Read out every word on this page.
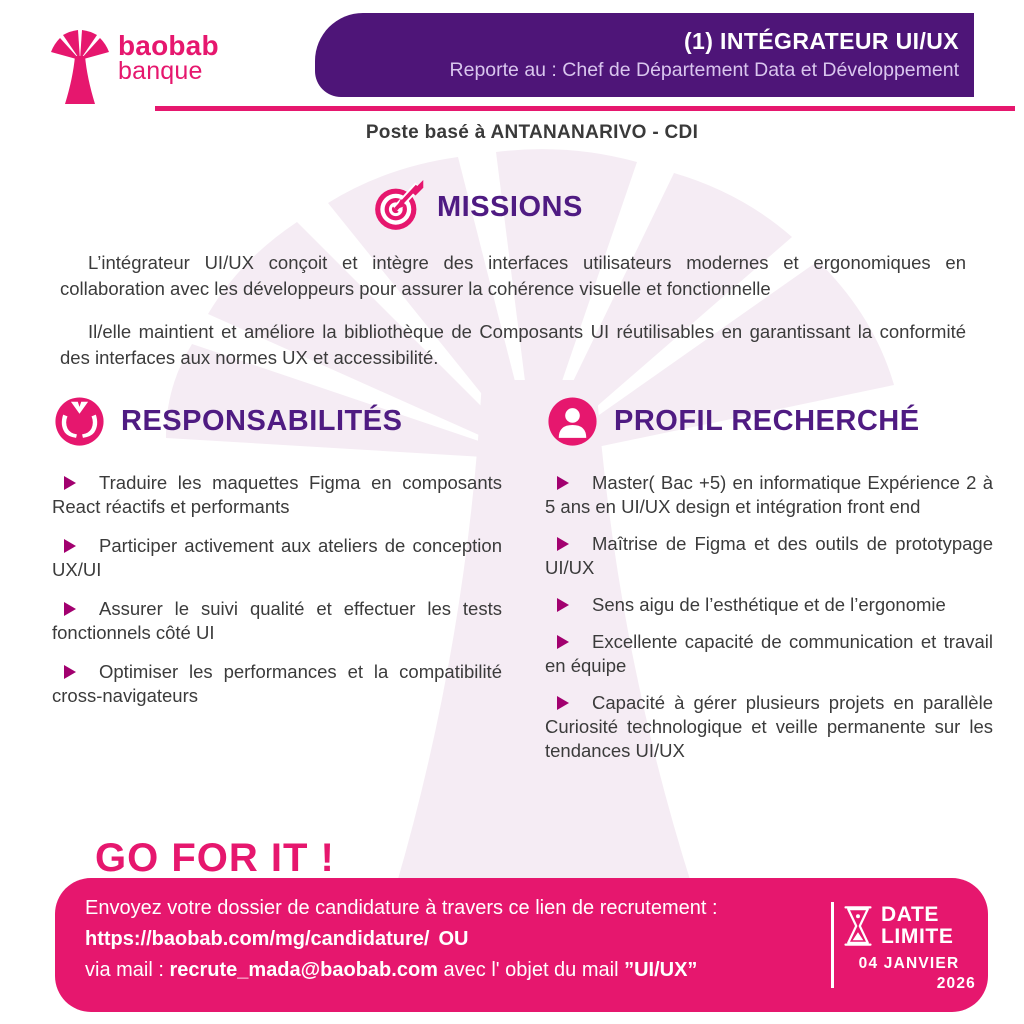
baobab
banque
(1) INTÉGRATEUR UI/UX
Reporte au : Chef de Département Data et Développement
Poste basé à ANTANANARIVO - CDI
MISSIONS

L’intégrateur UI/UX conçoit et intègre des interfaces utilisateurs modernes et ergonomiques en collaboration avec les développeurs pour assurer la cohérence visuelle et fonctionnelle

Il/elle maintient et améliore la bibliothèque de Composants UI réutilisables en garantissant la conformité des interfaces aux normes UX et accessibilité.

RESPONSABILITÉS
Traduire les maquettes Figma en composants React réactifs et performants
Participer activement aux ateliers de conception UX/UI
Assurer le suivi qualité et effectuer les tests fonctionnels côté UI
Optimiser les performances et la compatibilité cross-navigateurs
PROFIL RECHERCHÉ
Master( Bac +5) en informatique Expérience 2 à 5 ans en UI/UX design et intégration front end
Maîtrise de Figma et des outils de prototypage UI/UX
Sens aigu de l’esthétique et de l’ergonomie
Excellente capacité de communication et travail en équipe
Capacité à gérer plusieurs projets en parallèle Curiosité technologique et veille permanente sur les tendances UI/UX
GO FOR IT !
Envoyez votre dossier de candidature à travers ce lien de recrutement :
https://baobab.com/mg/candidature/ OU
via mail : recrute_mada@baobab.com avec l' objet du mail ”UI/UX”
DATE
LIMITE
04 JANVIER
2026
